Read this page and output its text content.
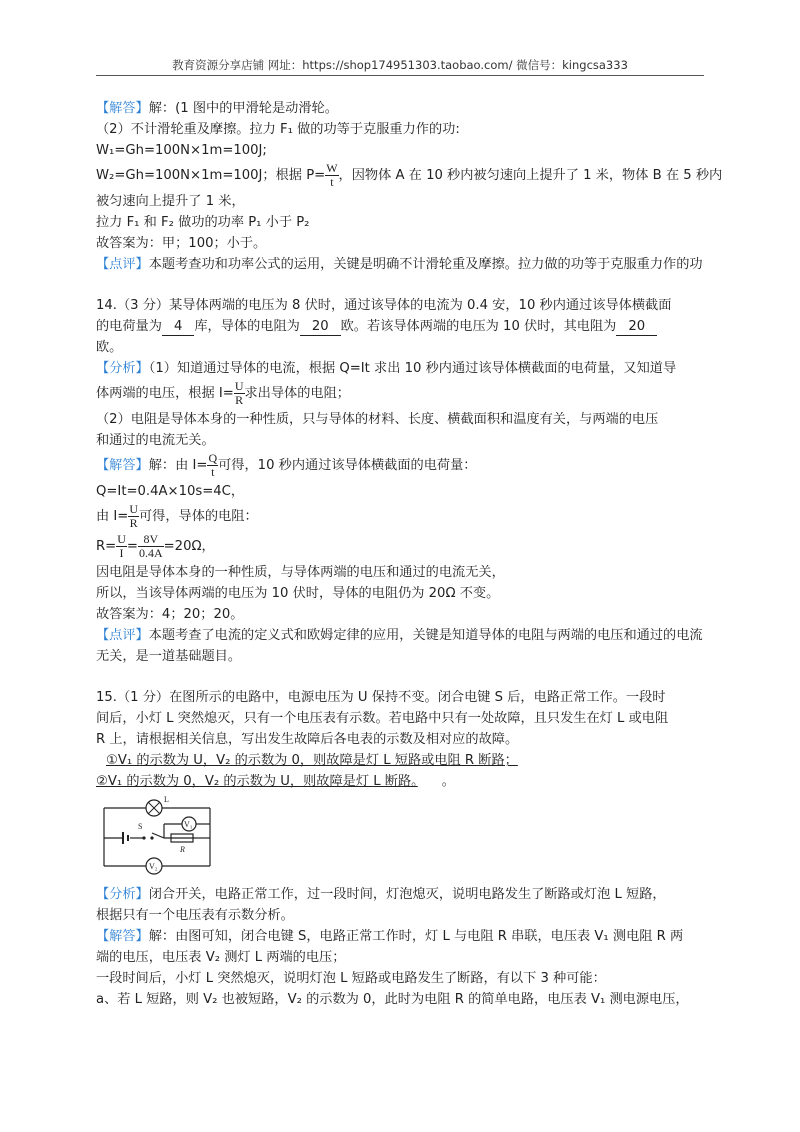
教育资源分享店铺 网址：https://shop174951303.taobao.com/ 微信号：kingcsa333

【解答】解：(1 图中的甲滑轮是动滑轮。

（2）不计滑轮重及摩擦。拉力 F₁ 做的功等于克服重力作的功:

W₁=Gh=100N×1m=100J;

W₂=Gh=100N×1m=100J；根据 $P= \frac{W}{t}$ ，因物体 A 在 10 秒内被匀速向上提升了 1 米，物体 B 在 5 秒内

被匀速向上提升了 1 米，

拉力 F₁ 和 F₂ 做功的功率 P₁ 小于 P₂

故答案为：甲；100；小于。

【点评】本题考查功和功率公式的运用，关键是明确不计滑轮重及摩擦。拉力做的功等于克服重力作的功

14.（3 分）某导体两端的电压为 8 伏时，通过该导体的电流为 0.4 安，10 秒内通过该导体横截面

的电荷量为 4 库，导体的电阻为 20 欧。若该导体两端的电压为 10 伏时，其电阻为 20

欧。

【分析】（1）知道通过导体的电流，根据 Q=It 求出 10 秒内通过该导体横截面的电荷量，又知道导

体两端的电压，根据 $I= \frac{U}{R}$ 求出导体的电阻；

（2）电阻是导体本身的一种性质，只与导体的材料、长度、横截面积和温度有关，与两端的电压

和通过的电流无关。

【解答】解：由 $I= \frac{Q}{t}$ 可得，10 秒内通过该导体横截面的电荷量：

Q=It=0.4A×10s=4C，

由 $I= \frac{U}{R}$ 可得，导体的电阻：

$R= \frac{U}{I} = \frac{8V}{0.4A} =20\Omega$，

因电阻是导体本身的一种性质，与导体两端的电压和通过的电流无关，

所以，当该导体两端的电压为 10 伏时，导体的电阻仍为 20Ω 不变。

故答案为：4；20；20。

【点评】本题考查了电流的定义式和欧姆定律的应用，关键是知道导体的电阻与两端的电压和通过的电流无关，是一道基础题目。

15.（1 分）在图所示的电路中，电源电压为 U 保持不变。闭合电键 S 后，电路正常工作。一段时

间后，小灯 L 突然熄灭，只有一个电压表有示数。若电路中只有一处故障，且只发生在灯 L 或电阻

R 上，请根据相关信息，写出发生故障后各电表的示数及相对应的故障。

①V₁ 的示数为 U，V₂ 的示数为 0，则故障是灯 L 短路或电阻 R 断路；

②V₁ 的示数为 0，V₂ 的示数为 U，则故障是灯 L 断路。 。

L
S
R
V₁
V₂

【分析】闭合开关，电路正常工作，过一段时间，灯泡熄灭，说明电路发生了断路或灯泡 L 短路，

根据只有一个电压表有示数分析。

【解答】解：由图可知，闭合电键 S，电路正常工作时，灯 L 与电阻 R 串联，电压表 V₁ 测电阻 R 两

端的电压，电压表 V₂ 测灯 L 两端的电压；

一段时间后，小灯 L 突然熄灭，说明灯泡 L 短路或电路发生了断路，有以下 3 种可能：

a、若 L 短路，则 V₂ 也被短路，V₂ 的示数为 0，此时为电阻 R 的简单电路，电压表 V₁ 测电源电压，
